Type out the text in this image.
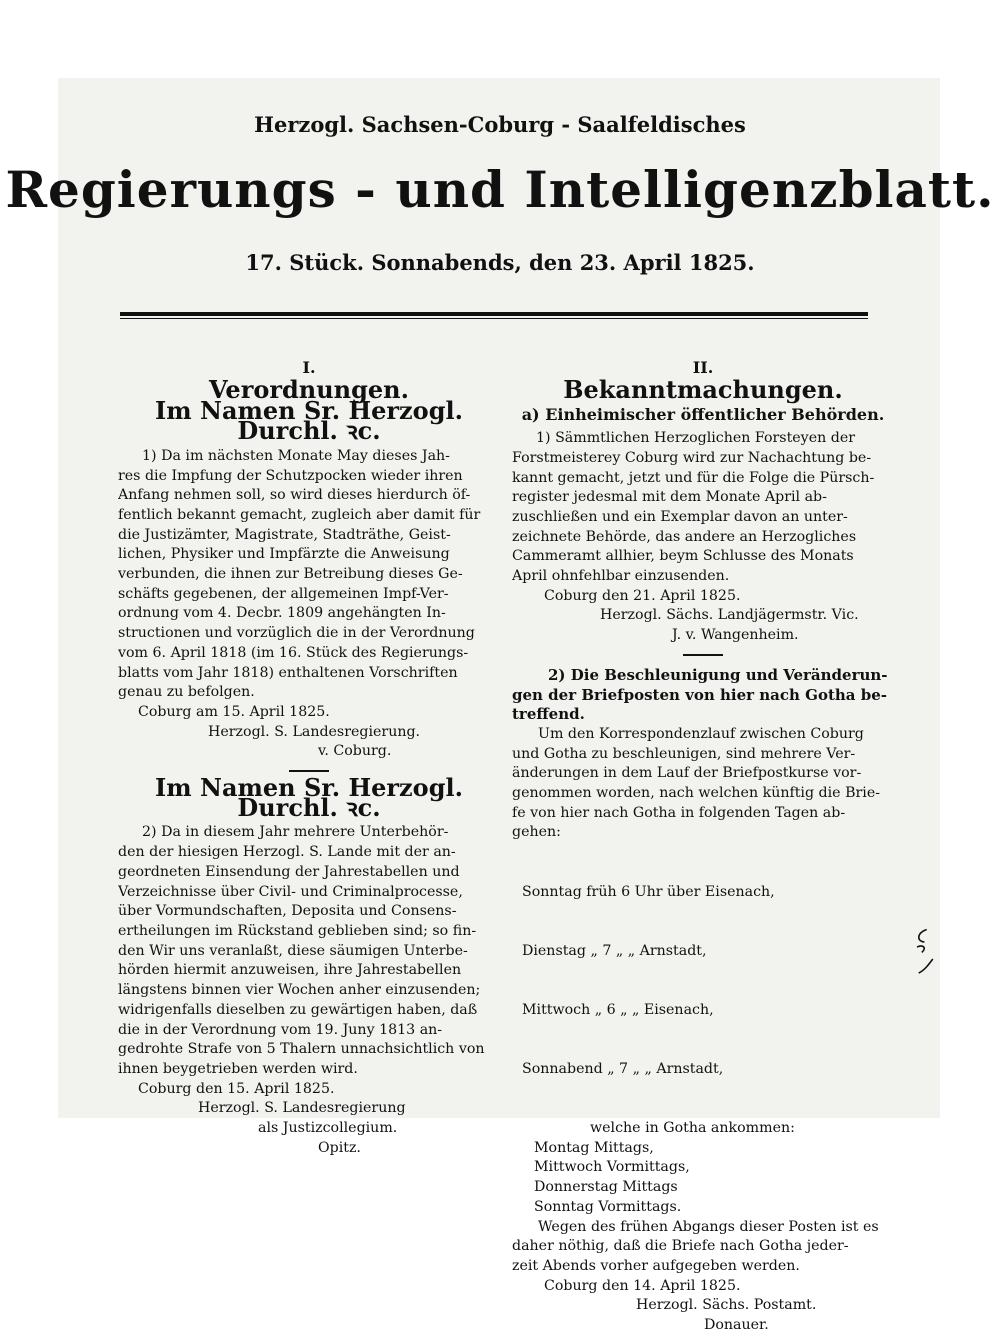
Herzogl. Sachsen-Coburg - Saalfeldisches
Regierungs - und Intelligenzblatt.
17. Stück. Sonnabends, den 23. April 1825.
I.
Verordnungen.
Im Namen Sr. Herzogl. Durchl. ꝛc.
1) Da im nächsten Monate May dieses Jah-
res die Impfung der Schutzpocken wieder ihren
Anfang nehmen soll, so wird dieses hierdurch öf-
fentlich bekannt gemacht, zugleich aber damit für
die Justizämter, Magistrate, Stadträthe, Geist-
lichen, Physiker und Impfärzte die Anweisung
verbunden, die ihnen zur Betreibung dieses Ge-
schäfts gegebenen, der allgemeinen Impf-Ver-
ordnung vom 4. Decbr. 1809 angehängten In-
structionen und vorzüglich die in der Verordnung
vom 6. April 1818 (im 16. Stück des Regierungs-
blatts vom Jahr 1818) enthaltenen Vorschriften
genau zu befolgen.
Coburg am 15. April 1825.
Herzogl. S. Landesregierung.
v. Coburg.
Im Namen Sr. Herzogl. Durchl. ꝛc.
2) Da in diesem Jahr mehrere Unterbehör-
den der hiesigen Herzogl. S. Lande mit der an-
geordneten Einsendung der Jahrestabellen und
Verzeichnisse über Civil- und Criminalprocesse,
über Vormundschaften, Deposita und Consens-
ertheilungen im Rückstand geblieben sind; so fin-
den Wir uns veranlaßt, diese säumigen Unterbe-
hörden hiermit anzuweisen, ihre Jahrestabellen
längstens binnen vier Wochen anher einzusenden;
widrigenfalls dieselben zu gewärtigen haben, daß
die in der Verordnung vom 19. Juny 1813 an-
gedrohte Strafe von 5 Thalern unnachsichtlich von
ihnen beygetrieben werden wird.
Coburg den 15. April 1825.
Herzogl. S. Landesregierung
als Justizcollegium.
Opitz.
II.
Bekanntmachungen.
a) Einheimischer öffentlicher Behörden.
1) Sämmtlichen Herzoglichen Forsteyen der
Forstmeisterey Coburg wird zur Nachachtung be-
kannt gemacht, jetzt und für die Folge die Pürsch-
register jedesmal mit dem Monate April ab-
zuschließen und ein Exemplar davon an unter-
zeichnete Behörde, das andere an Herzogliches
Cammeramt allhier, beym Schlusse des Monats
April ohnfehlbar einzusenden.
Coburg den 21. April 1825.
Herzogl. Sächs. Landjägermstr. Vic.
J. v. Wangenheim.
2) Die Beschleunigung und Veränderun-
gen der Briefposten von hier nach Gotha be-
treffend.
Um den Korrespondenzlauf zwischen Coburg
und Gotha zu beschleunigen, sind mehrere Ver-
änderungen in dem Lauf der Briefpostkurse vor-
genommen worden, nach welchen künftig die Brie-
fe von hier nach Gotha in folgenden Tagen ab-
gehen:

Sonntag früh 6 Uhr über Eisenach,

Dienstag „ 7 „ „ Arnstadt,

Mittwoch „ 6 „ „ Eisenach,

Sonnabend „ 7 „ „ Arnstadt,

welche in Gotha ankommen:
Montag Mittags,
Mittwoch Vormittags,
Donnerstag Mittags
Sonntag Vormittags.
Wegen des frühen Abgangs dieser Posten ist es
daher nöthig, daß die Briefe nach Gotha jeder-
zeit Abends vorher aufgegeben werden.
Coburg den 14. April 1825.
Herzogl. Sächs. Postamt.
Donauer.
